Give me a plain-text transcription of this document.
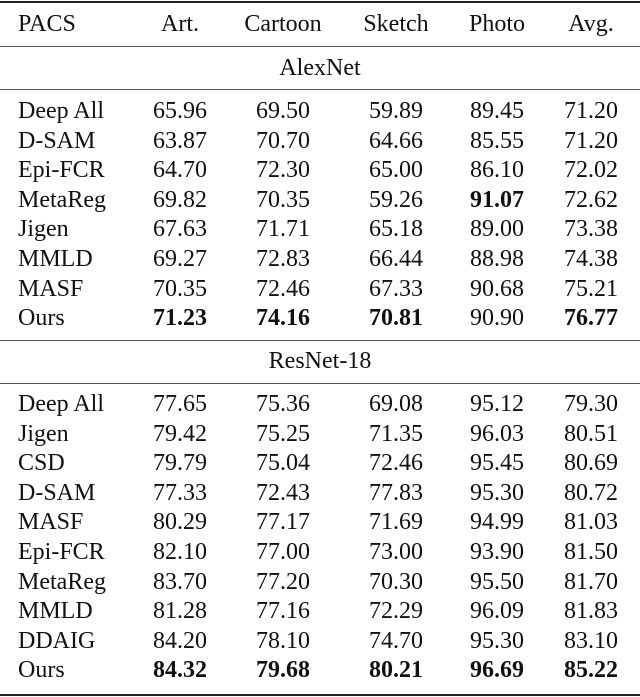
PACS	Art.	Cartoon	Sketch	Photo	Avg.
AlexNet
Deep All	65.96	69.50	59.89	89.45	71.20
D-SAM	63.87	70.70	64.66	85.55	71.20
Epi-FCR	64.70	72.30	65.00	86.10	72.02
MetaReg	69.82	70.35	59.26	91.07	72.62
Jigen	67.63	71.71	65.18	89.00	73.38
MMLD	69.27	72.83	66.44	88.98	74.38
MASF	70.35	72.46	67.33	90.68	75.21
Ours	71.23	74.16	70.81	90.90	76.77
ResNet-18
Deep All	77.65	75.36	69.08	95.12	79.30
Jigen	79.42	75.25	71.35	96.03	80.51
CSD	79.79	75.04	72.46	95.45	80.69
D-SAM	77.33	72.43	77.83	95.30	80.72
MASF	80.29	77.17	71.69	94.99	81.03
Epi-FCR	82.10	77.00	73.00	93.90	81.50
MetaReg	83.70	77.20	70.30	95.50	81.70
MMLD	81.28	77.16	72.29	96.09	81.83
DDAIG	84.20	78.10	74.70	95.30	83.10
Ours	84.32	79.68	80.21	96.69	85.22
